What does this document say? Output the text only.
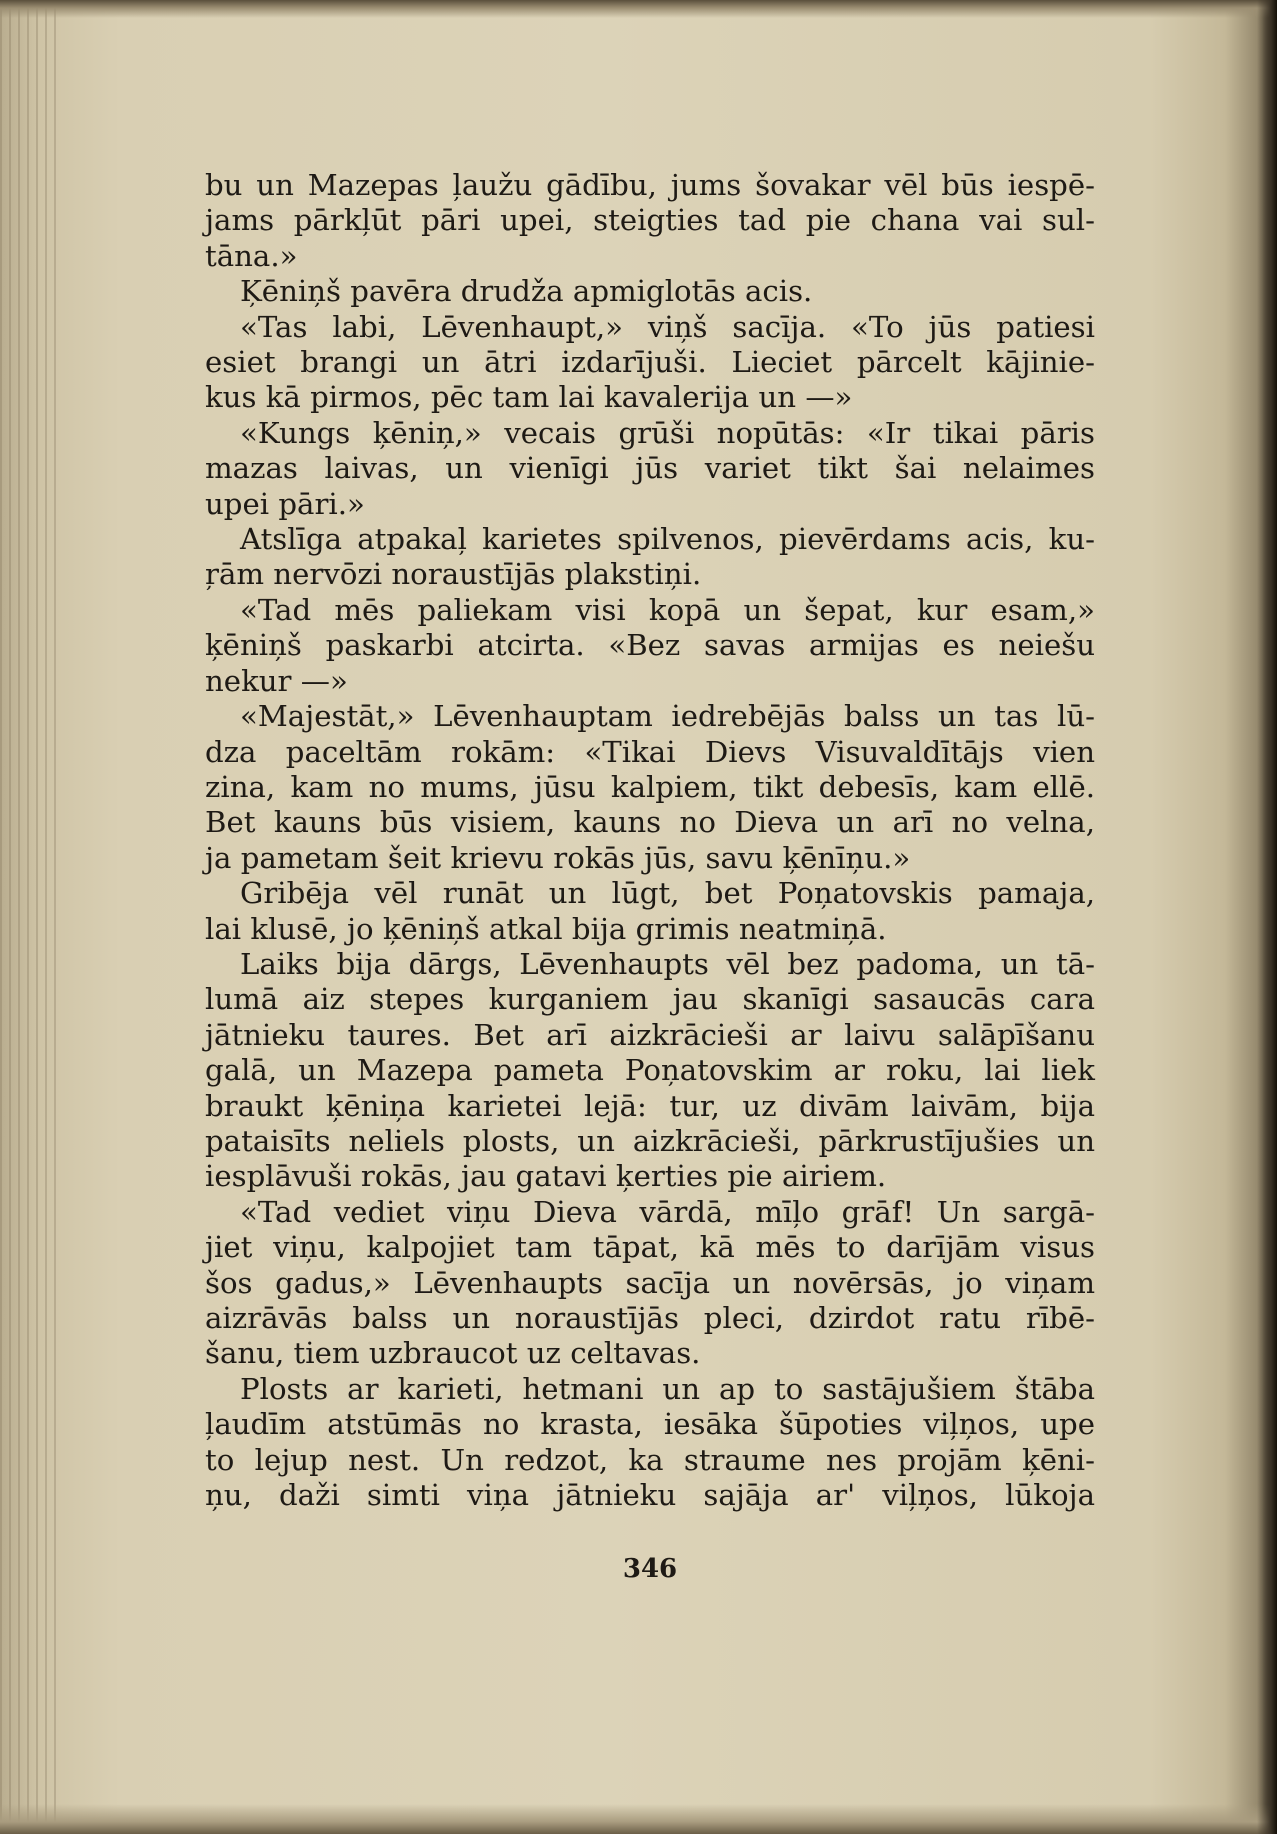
bu un Mazepas ļaužu gādību, jums šovakar vēl būs iespē-
jams pārkļūt pāri upei, steigties tad pie chana vai sul-
tāna.»
Ķēniņš pavēra drudža apmiglotās acis.
«Tas labi, Lēvenhaupt,» viņš sacīja. «To jūs patiesi
esiet brangi un ātri izdarījuši. Liеciet pārcelt kājinie-
kus kā pirmos, pēc tam lai kavalerija un —»
«Kungs ķēniņ,» vecais grūši nopūtās: «Ir tikai pāris
mazas laivas, un vienīgi jūs variet tikt šai nelaimes
upei pāri.»
Atslīga atpakaļ karietes spilvenos, pievērdams acis, ku-
ŗām nervōzi noraustījās plakstiņi.
«Tad mēs paliekam visi kopā un šepat, kur esam,»
ķēniņš paskarbi atcirta. «Bez savas armijas es neiešu
nekur —»
«Majestāt,» Lēvenhauptam iedrebējās balss un tas lū-
dza paceltām rokām: «Tikai Dievs Visuvaldītājs vien
zina, kam no mums, jūsu kalpiem, tikt debesīs, kam ellē.
Bet kauns būs visiem, kauns no Dieva un arī no velna,
ja pametam šeit krievu rokās jūs, savu ķēnīņu.»
Gribēja vēl runāt un lūgt, bet Poņatovskis pamaja,
lai klusē, jo ķēniņš atkal bija grimis neatmiņā.
Laiks bija dārgs, Lēvenhaupts vēl bez padoma, un tā-
lumā aiz stepes kurganiem jau skanīgi sasaucās cara
jātnieku taures. Bet arī aizkrācieši ar laivu salāpīšanu
galā, un Mazepa pameta Poņatovskim ar roku, lai liek
braukt ķēniņa karietei lejā: tur, uz divām laivām, bija
pataisīts neliels plosts, un aizkrācieši, pārkrustījušies un
iesplāvuši rokās, jau gatavi ķerties pie airiem.
«Tad vediet viņu Dieva vārdā, mīļo grāf! Un sargā-
jiet viņu, kalpojiet tam tāpat, kā mēs to darījām visus
šos gadus,» Lēvenhaupts sacīja un novērsās, jo viņam
aizrāvās balss un noraustījās pleci, dzirdot ratu rībē-
šanu, tiem uzbraucot uz celtavas.
Plosts ar karieti, hetmani un ap to sastājušiem štāba
ļaudīm atstūmās no krasta, iesāka šūpoties viļņos, upe
to lejup nest. Un redzot, ka straume nes projām ķēni-
ņu, daži simti viņa jātnieku sajāja ar' viļņos, lūkoja
346
